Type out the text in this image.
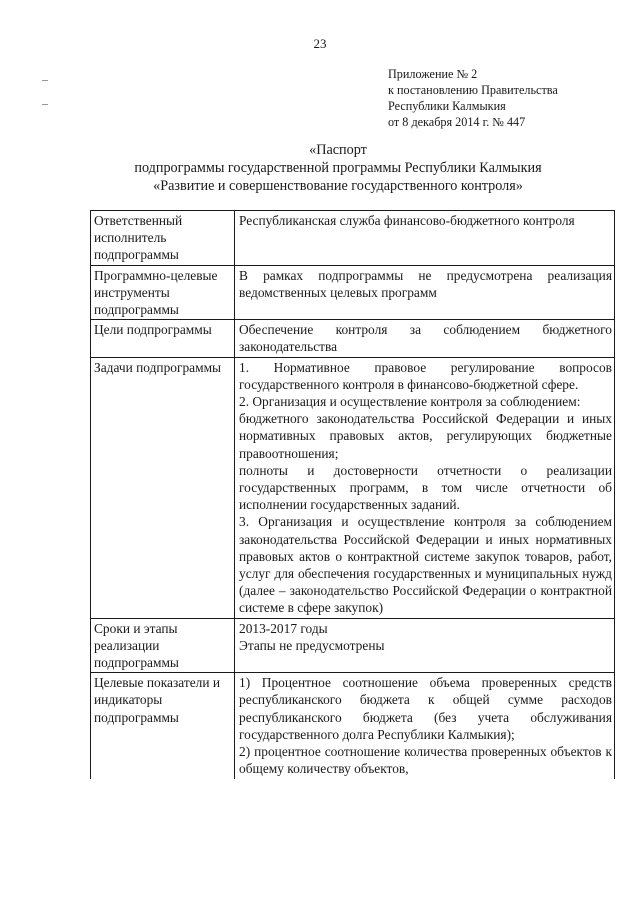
23
Приложение № 2
к постановлению Правительства
Республики Калмыкия
от 8 декабря 2014 г. № 447
«Паспорт
подпрограммы государственной программы Республики Калмыкия
«Развитие и совершенствование государственного контроля»
Ответственный исполнитель подпрограммы	Республиканская служба финансово-бюджетного контроля

Программно-целевые инструменты подпрограммы	В рамках подпрограммы не предусмотрена реализация ведомственных целевых программ

Цели подпрограммы	Обеспечение контроля за соблюдением бюджетного законодательства

Задачи подпрограммы	1. Нормативное правовое регулирование вопросов государственного контроля в финансово-бюджетной сфере.

2. Организация и осуществление контроля за соблюдением:

бюджетного законодательства Российской Федерации и иных нормативных правовых актов, регулирующих бюджетные правоотношения;

полноты и достоверности отчетности о реализации государственных программ, в том числе отчетности об исполнении государственных заданий.

3. Организация и осуществление контроля за соблюдением законодательства Российской Федерации и иных нормативных правовых актов о контрактной системе закупок товаров, работ, услуг для обеспечения государственных и муниципальных нужд (далее – законодательство Российской Федерации о контрактной системе в сфере закупок)

Сроки и этапы реализации подпрограммы	2013-2017 годы

Этапы не предусмотрены

Целевые показатели и индикаторы подпрограммы	1) Процентное соотношение объема проверенных средств республиканского бюджета к общей сумме расходов республиканского бюджета (без учета обслуживания государственного долга Республики Калмыкия);

2) процентное соотношение количества проверенных объектов к общему количеству объектов,
